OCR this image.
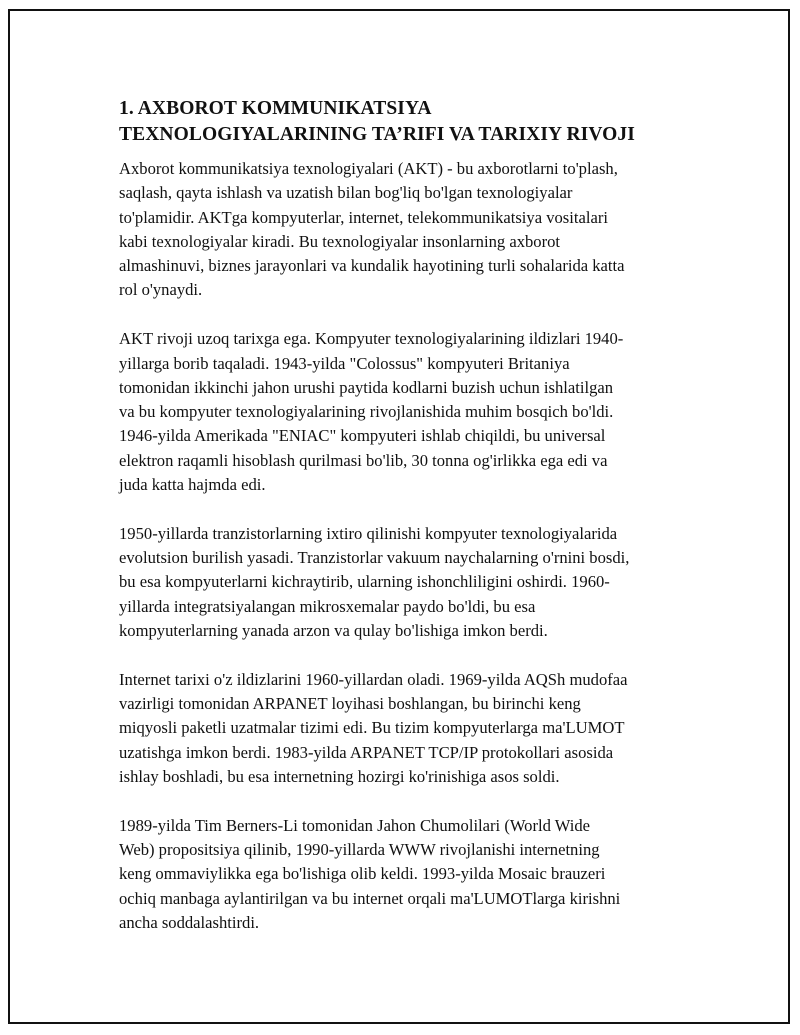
1. AXBOROT KOMMUNIKATSIYA
TEXNOLOGIYALARINING TA’RIFI VA TARIXIY RIVOJI

Axborot kommunikatsiya texnologiyalari (AKT) - bu axborotlarni to'plash,
saqlash, qayta ishlash va uzatish bilan bog'liq bo'lgan texnologiyalar
to'plamidir. AKTga kompyuterlar, internet, telekommunikatsiya vositalari
kabi texnologiyalar kiradi. Bu texnologiyalar insonlarning axborot
almashinuvi, biznes jarayonlari va kundalik hayotining turli sohalarida katta
rol o'ynaydi.

AKT rivoji uzoq tarixga ega. Kompyuter texnologiyalarining ildizlari 1940-
yillarga borib taqaladi. 1943-yilda "Colossus" kompyuteri Britaniya
tomonidan ikkinchi jahon urushi paytida kodlarni buzish uchun ishlatilgan
va bu kompyuter texnologiyalarining rivojlanishida muhim bosqich bo'ldi.
1946-yilda Amerikada "ENIAC" kompyuteri ishlab chiqildi, bu universal
elektron raqamli hisoblash qurilmasi bo'lib, 30 tonna og'irlikka ega edi va
juda katta hajmda edi.

1950-yillarda tranzistorlarning ixtiro qilinishi kompyuter texnologiyalarida
evolutsion burilish yasadi. Tranzistorlar vakuum naychalarning o'rnini bosdi,
bu esa kompyuterlarni kichraytirib, ularning ishonchliligini oshirdi. 1960-
yillarda integratsiyalangan mikrosxemalar paydo bo'ldi, bu esa
kompyuterlarning yanada arzon va qulay bo'lishiga imkon berdi.

Internet tarixi o'z ildizlarini 1960-yillardan oladi. 1969-yilda AQSh mudofaa
vazirligi tomonidan ARPANET loyihasi boshlangan, bu birinchi keng
miqyosli paketli uzatmalar tizimi edi. Bu tizim kompyuterlarga ma'LUMOT
uzatishga imkon berdi. 1983-yilda ARPANET TCP/IP protokollari asosida
ishlay boshladi, bu esa internetning hozirgi ko'rinishiga asos soldi.

1989-yilda Tim Berners-Li tomonidan Jahon Chumolilari (World Wide
Web) propositsiya qilinib, 1990-yillarda WWW rivojlanishi internetning
keng ommaviylikka ega bo'lishiga olib keldi. 1993-yilda Mosaic brauzeri
ochiq manbaga aylantirilgan va bu internet orqali ma'LUMOTlarga kirishni
ancha soddalashtirdi.
